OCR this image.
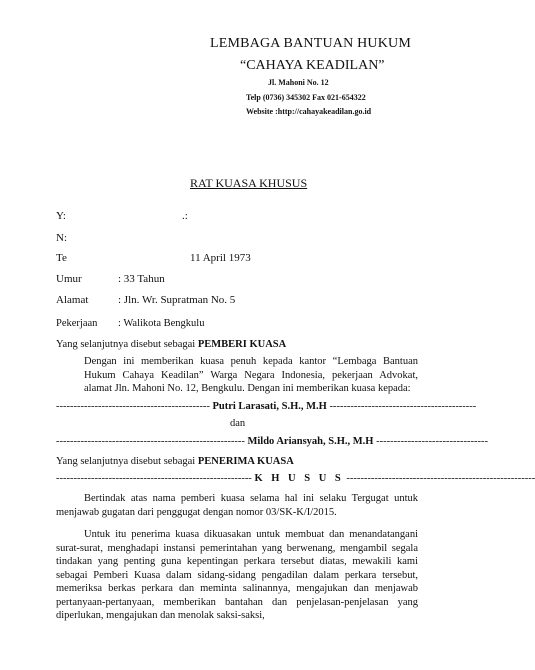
LEMBAGA BANTUAN HUKUM
“CAHAYA KEADILAN”
Jl. Mahoni No. 12
Telp (0736) 345302 Fax 021-654322
Website :http://cahayakeadilan.go.id
RAT KUASA KHUSUS
Y:	.:
N:
Te	11 April 1973
Umur	: 33 Tahun
Alamat	: Jln. Wr. Supratman No. 5
Pekerjaan : Walikota Bengkulu
Yang selanjutnya disebut sebagai PEMBERI KUASA
Dengan ini memberikan kuasa penuh kepada kantor “Lembaga Bantuan Hukum Cahaya Keadilan” Warga Negara Indonesia, pekerjaan Advokat, alamat Jln. Mahoni No. 12, Bengkulu. Dengan ini memberikan kuasa kepada:
-------------------------------------------- Putri Larasati, S.H., M.H ------------------------------------------
dan
------------------------------------------------------ Mildo Ariansyah, S.H., M.H --------------------------------
Yang selanjutnya disebut sebagai PENERIMA KUASA
-------------------------------------------------------- K H U S U S ------------------------------------------------------
Bertindak atas nama pemberi kuasa selama hal ini selaku Tergugat untuk menjawab gugatan dari penggugat dengan nomor 03/SK-K/I/2015.
Untuk itu penerima kuasa dikuasakan untuk membuat dan menandatangani surat-surat, menghadapi instansi pemerintahan yang berwenang, mengambil segala tindakan yang penting guna kepentingan perkara tersebut diatas, mewakili kami sebagai Pemberi Kuasa dalam sidang-sidang pengadilan dalam perkara tersebut, memeriksa berkas perkara dan meminta salinannya, mengajukan dan menjawab pertanyaan-pertanyaan, memberikan bantahan dan penjelasan-penjelasan yang diperlukan, mengajukan dan menolak saksi-saksi,
